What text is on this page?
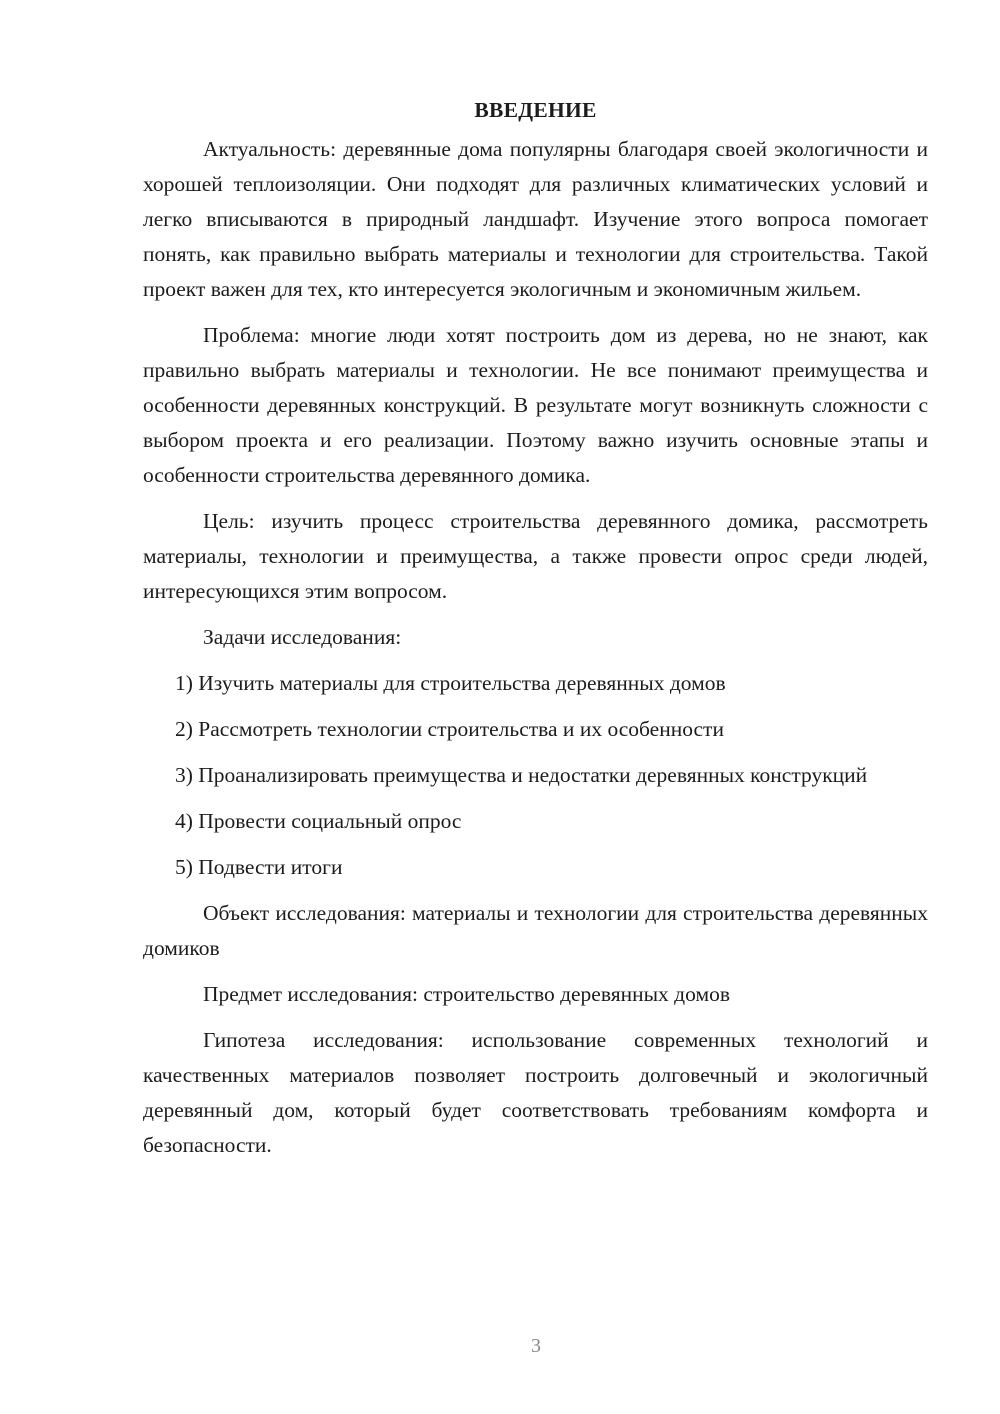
ВВЕДЕНИЕ

Актуальность: деревянные дома популярны благодаря своей экологичности и хорошей теплоизоляции. Они подходят для различных климатических условий и легко вписываются в природный ландшафт. Изучение этого вопроса помогает понять, как правильно выбрать материалы и технологии для строительства. Такой проект важен для тех, кто интересуется экологичным и экономичным жильем.

Проблема: многие люди хотят построить дом из дерева, но не знают, как правильно выбрать материалы и технологии. Не все понимают преимущества и особенности деревянных конструкций. В результате могут возникнуть сложности с выбором проекта и его реализации. Поэтому важно изучить основные этапы и особенности строительства деревянного домика.

Цель: изучить процесс строительства деревянного домика, рассмотреть материалы, технологии и преимущества, а также провести опрос среди людей, интересующихся этим вопросом.

Задачи исследования:

1) Изучить материалы для строительства деревянных домов

2) Рассмотреть технологии строительства и их особенности

3) Проанализировать преимущества и недостатки деревянных конструкций

4) Провести социальный опрос

5) Подвести итоги

Объект исследования: материалы и технологии для строительства деревянных домиков

Предмет исследования: строительство деревянных домов

Гипотеза исследования: использование современных технологий и качественных материалов позволяет построить долговечный и экологичный деревянный дом, который будет соответствовать требованиям комфорта и безопасности.

3
